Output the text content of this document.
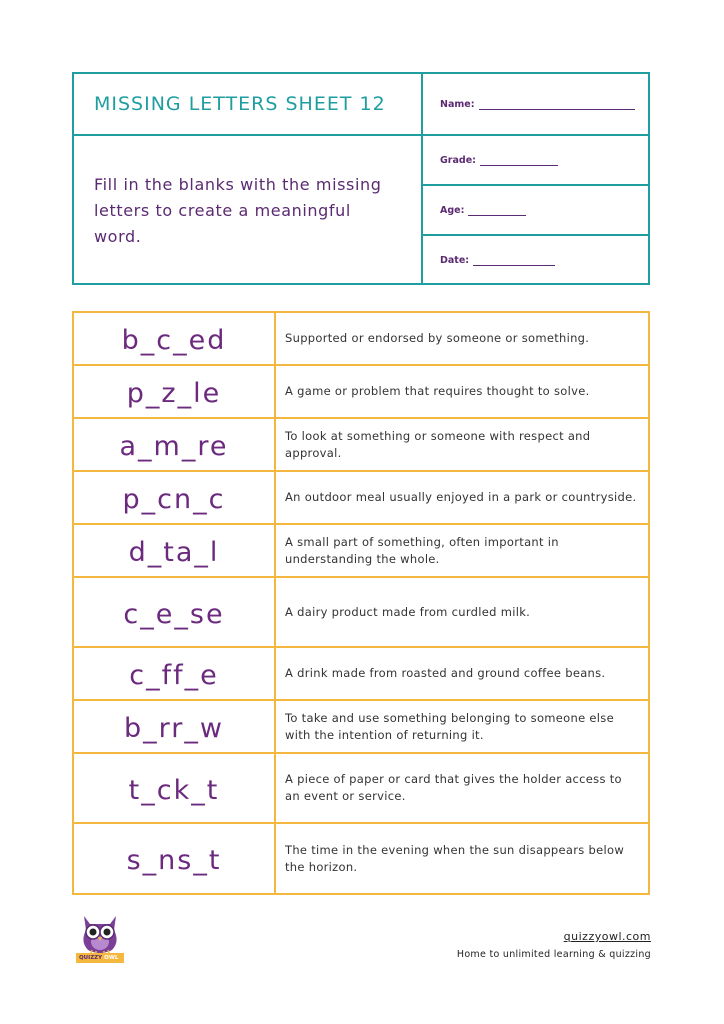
MISSING LETTERS SHEET 12
Fill in the blanks with the missing letters to create a meaningful word.
Name:
Grade:
Age:
Date:
b_c_ed	Supported or endorsed by someone or something.
p_z_le	A game or problem that requires thought to solve.
a_m_re	To look at something or someone with respect and approval.
p_cn_c	An outdoor meal usually enjoyed in a park or countryside.
d_ta_l	A small part of something, often important in understanding the whole.
c_e_se	A dairy product made from curdled milk.
c_ff_e	A drink made from roasted and ground coffee beans.
b_rr_w	To take and use something belonging to someone else with the intention of returning it.
t_ck_t	A piece of paper or card that gives the holder access to an event or service.
s_ns_t	The time in the evening when the sun disappears below the horizon.
QUIZZY OWL
quizzyowl.com
Home to unlimited learning & quizzing
